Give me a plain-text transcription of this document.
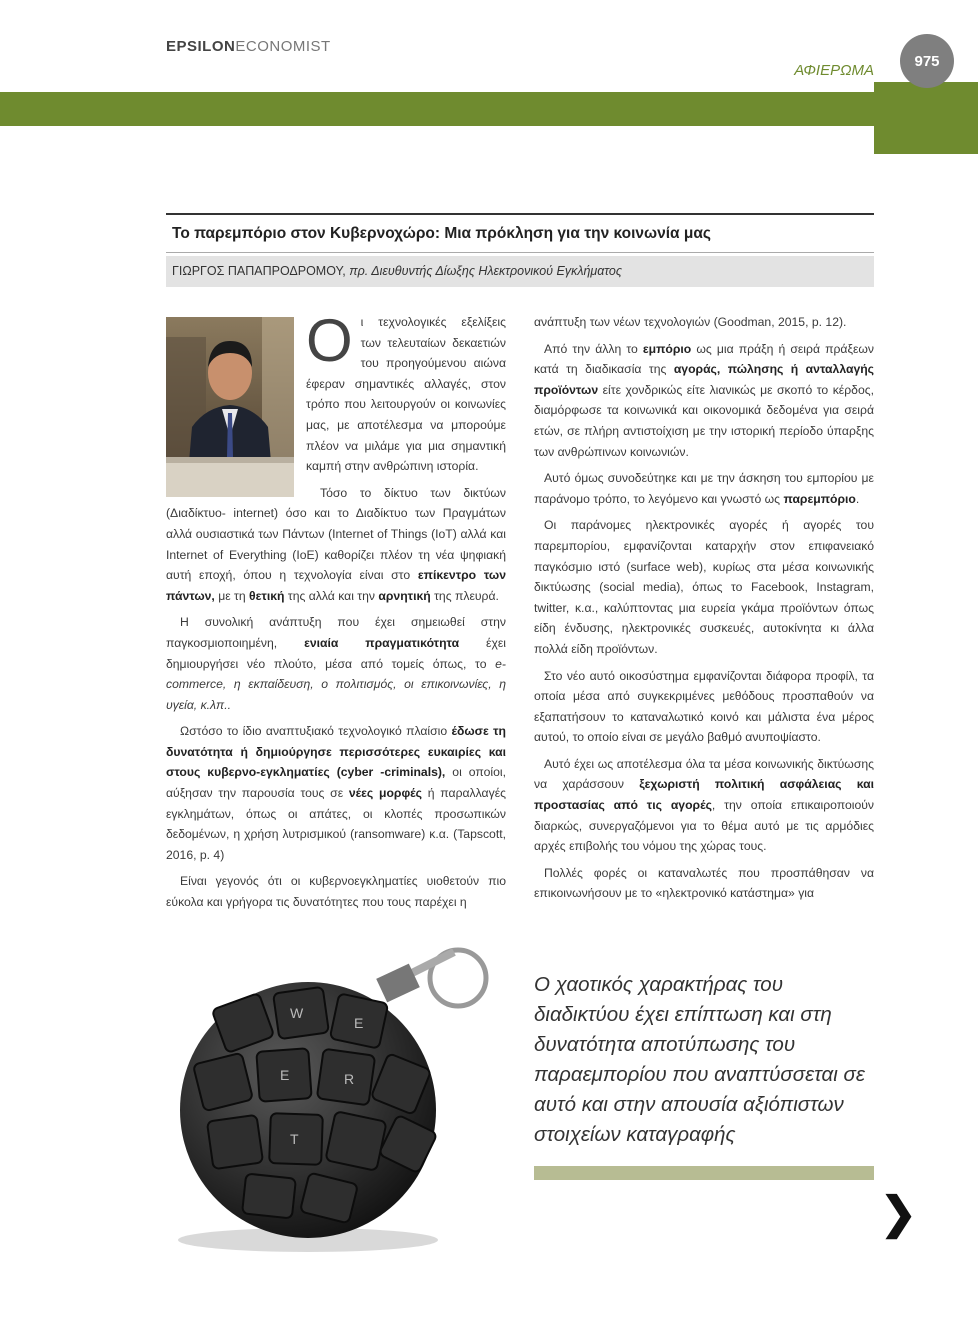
EPSILONECONOMIST
ΑΦΙΕΡΩΜΑ
975
Το παρεμπόριο στον Κυβερνοχώρο: Μια πρόκληση για την κοινωνία μας
ΓΙΩΡΓΟΣ ΠΑΠΑΠΡΟΔΡΟΜΟΥ, πρ. Διευθυντής Δίωξης Ηλεκτρονικού Εγκλήματος

Οι τεχνολογικές εξελίξεις των τελευταίων δεκαετιών του προηγούμενου αιώνα έφεραν σημαντικές αλλαγές, στον τρόπο που λειτουργούν οι κοινωνίες μας, με αποτέλεσμα να μπορούμε πλέον να μιλάμε για μια σημαντική καμπή στην ανθρώπινη ιστορία.

Τόσο το δίκτυο των δικτύων (Διαδίκτυο- internet) όσο και το Διαδίκτυο των Πραγμάτων αλλά ουσιαστικά των Πάντων (Internet of Things (IoT) αλλά και Internet of Everything (IoE) καθορίζει πλέον τη νέα ψηφιακή αυτή εποχή, όπου η τεχνολογία είναι στο επίκεντρο των πάντων, με τη θετική της αλλά και την αρνητική της πλευρά.

Η συνολική ανάπτυξη που έχει σημειωθεί στην παγκοσμιοποιημένη, ενιαία πραγματικότητα έχει δημιουργήσει νέο πλούτο, μέσα από τομείς όπως, το e-commerce, η εκπαίδευση, ο πολιτισμός, οι επικοινωνίες, η υγεία, κ.λπ..

Ωστόσο το ίδιο αναπτυξιακό τεχνολογικό πλαίσιο έδωσε τη δυνατότητα ή δημιούργησε περισσότερες ευκαιρίες και στους κυβερνο-εγκληματίες (cyber -criminals), οι οποίοι, αύξησαν την παρουσία τους σε νέες μορφές ή παραλλαγές εγκλημάτων, όπως οι απάτες, οι κλοπές προσωπικών δεδομένων, η χρήση λυτρισμικού (ransomware) κ.α. (Tapscott, 2016, p. 4)

Είναι γεγονός ότι οι κυβερνοεγκληματίες υιοθετούν πιο εύκολα και γρήγορα τις δυνατότητες που τους παρέχει η

ανάπτυξη των νέων τεχνολογιών (Goodman, 2015, p. 12).

Από την άλλη το εμπόριο ως μια πράξη ή σειρά πράξεων κατά τη διαδικασία της αγοράς, πώλησης ή ανταλλαγής προϊόντων είτε χονδρικώς είτε λιανικώς με σκοπό το κέρδος, διαμόρφωσε τα κοινωνικά και οικονομικά δεδομένα για σειρά ετών, σε πλήρη αντιστοίχιση με την ιστορική περίοδο ύπαρξης των ανθρώπινων κοινωνιών.

Αυτό όμως συνοδεύτηκε και με την άσκηση του εμπορίου με παράνομο τρόπο, το λεγόμενο και γνωστό ως παρεμπόριο.

Οι παράνομες ηλεκτρονικές αγορές ή αγορές του παρεμπορίου, εμφανίζονται καταρχήν στον επιφανειακό παγκόσμιο ιστό (surface web), κυρίως στα μέσα κοινωνικής δικτύωσης (social media), όπως το Facebook, Instagram, twitter, κ.α., καλύπτοντας μια ευρεία γκάμα προϊόντων όπως είδη ένδυσης, ηλεκτρονικές συσκευές, αυτοκίνητα κι άλλα πολλά είδη προϊόντων.

Στο νέο αυτό οικοσύστημα εμφανίζονται διάφορα προφίλ, τα οποία μέσα από συγκεκριμένες μεθόδους προσπαθούν να εξαπατήσουν το καταναλωτικό κοινό και μάλιστα ένα μέρος αυτού, το οποίο είναι σε μεγάλο βαθμό ανυποψίαστο.

Αυτό έχει ως αποτέλεσμα όλα τα μέσα κοινωνικής δικτύωσης να χαράσσουν ξεχωριστή πολιτική ασφάλειας και προστασίας από τις αγορές, την οποία επικαιροποιούν διαρκώς, συνεργαζόμενοι για το θέμα αυτό με τις αρμόδιες αρχές επιβολής του νόμου της χώρας τους.

Πολλές φορές οι καταναλωτές που προσπάθησαν να επικοινωνήσουν με το «ηλεκτρονικό κατάστημα» για

W
E
E	R
T
Ο χαοτικός χαρακτήρας του διαδικτύου έχει επίπτωση και στη δυνατότητα αποτύπωσης του παραεμπορίου που αναπτύσσεται σε αυτό και στην απουσία αξιόπιστων στοιχείων καταγραφής
❯
